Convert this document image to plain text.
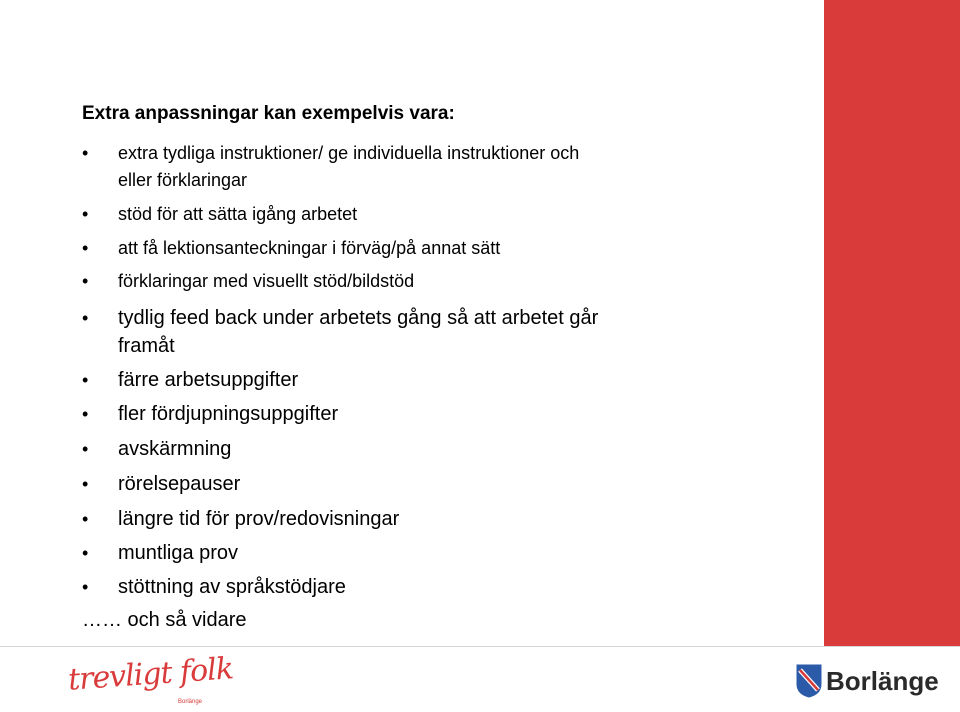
Extra anpassningar kan exempelvis vara:
• extra tydliga instruktioner/ ge individuella instruktioner och
eller förklaringar
• stöd för att sätta igång arbetet
• att få lektionsanteckningar i förväg/på annat sätt
• förklaringar med visuellt stöd/bildstöd
• tydlig feed back under arbetets gång så att arbetet går
framåt
• färre arbetsuppgifter
• fler fördjupningsuppgifter
• avskärmning
• rörelsepauser
• längre tid för prov/redovisningar
• muntliga prov
• stöttning av språkstödjare
…… och så vidare
trevligt folk
Borlänge
Borlänge
